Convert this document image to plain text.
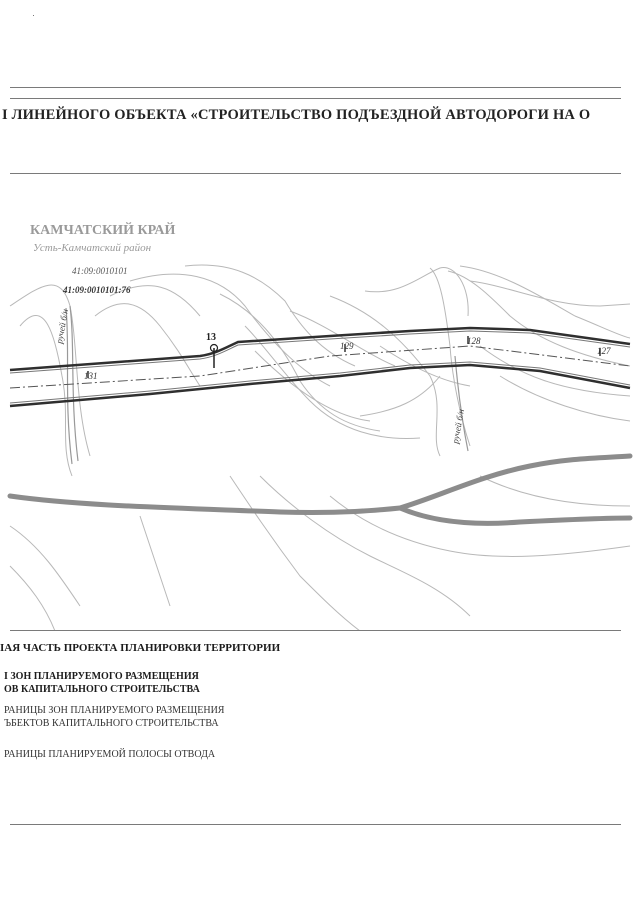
І ЛИНЕЙНОГО ОБЪЕКТА «СТРОИТЕЛЬСТВО ПОДЪЕЗДНОЙ АВТОДОРОГИ НА О
КАМЧАТСКИЙ КРАЙ
Усть-Камчатский район
41:09:0010101
41:09:0010101:76
13
131
129	128
127
ручей б/н
ручей б/н
ІАЯ ЧАСТЬ ПРОЕКТА ПЛАНИРОВКИ ТЕРРИТОРИИ
І ЗОН ПЛАНИРУЕМОГО РАЗМЕЩЕНИЯ
ОВ КАПИТАЛЬНОГО СТРОИТЕЛЬСТВА
РАНИЦЫ ЗОН ПЛАНИРУЕМОГО РАЗМЕЩЕНИЯ
ЪБЕКТОВ КАПИТАЛЬНОГО СТРОИТЕЛЬСТВА
РАНИЦЫ ПЛАНИРУЕМОЙ ПОЛОСЫ ОТВОДА
